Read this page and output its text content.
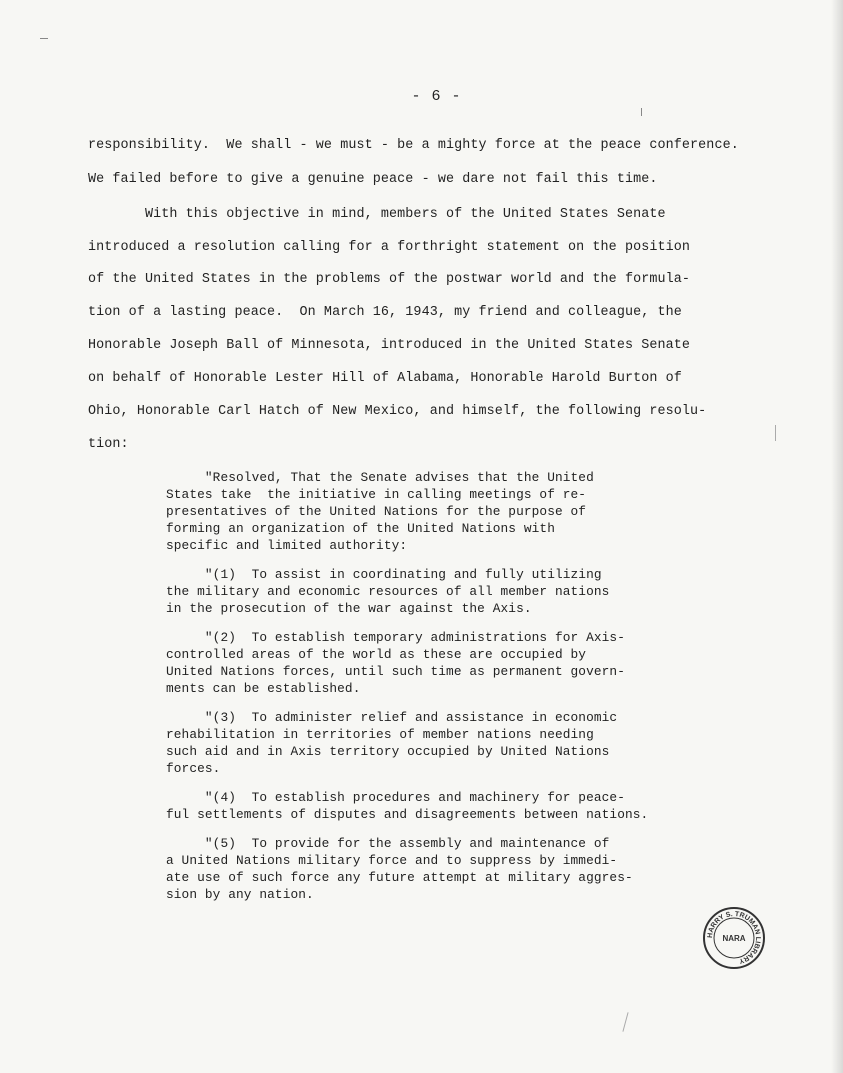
- 6 -
responsibility.  We shall - we must - be a mighty force at the peace conference.
We failed before to give a genuine peace - we dare not fail this time.
With this objective in mind, members of the United States Senate
introduced a resolution calling for a forthright statement on the position
of the United States in the problems of the postwar world and the formula-
tion of a lasting peace.  On March 16, 1943, my friend and colleague, the
Honorable Joseph Ball of Minnesota, introduced in the United States Senate
on behalf of Honorable Lester Hill of Alabama, Honorable Harold Burton of
Ohio, Honorable Carl Hatch of New Mexico, and himself, the following resolu-
tion:
"Resolved, That the Senate advises that the United
States take  the initiative in calling meetings of re-
presentatives of the United Nations for the purpose of
forming an organization of the United Nations with
specific and limited authority:
"(1)  To assist in coordinating and fully utilizing
the military and economic resources of all member nations
in the prosecution of the war against the Axis.
"(2)  To establish temporary administrations for Axis-
controlled areas of the world as these are occupied by
United Nations forces, until such time as permanent govern-
ments can be established.
"(3)  To administer relief and assistance in economic
rehabilitation in territories of member nations needing
such aid and in Axis territory occupied by United Nations
forces.
"(4)  To establish procedures and machinery for peace-
ful settlements of disputes and disagreements between nations.
"(5)  To provide for the assembly and maintenance of
a United Nations military force and to suppress by immedi-
ate use of such force any future attempt at military aggres-
sion by any nation.
HARRY S. TRUMAN LIBRARY
NARA
